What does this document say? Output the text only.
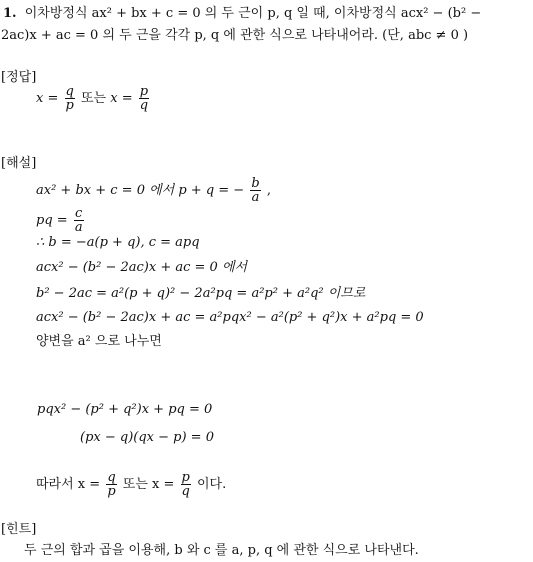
1. 이차방정식 ax² + bx + c = 0 의 두 근이 p, q 일 때, 이차방정식 acx² − (b² −
2ac)x + ac = 0 의 두 근을 각각 p, q 에 관한 식으로 나타내어라. (단, abc ≠ 0 )
[정답]
$x = \frac{q}{p}$ 또는 $x = \frac{p}{q}$
[해설]
ax² + bx + c = 0 에서 p + q = − $\frac{b}{a}$ ,
pq = $\frac{c}{a}$
∴ b = −a(p + q), c = apq
acx² − (b² − 2ac)x + ac = 0 에서
b² − 2ac = a²(p + q)² − 2a²pq = a²p² + a²q² 이므로
acx² − (b² − 2ac)x + ac = a²pqx² − a²(p² + q²)x + a²pq = 0
양변을 a² 으로 나누면
pqx² − (p² + q²)x + pq = 0
(px − q)(qx − p) = 0
따라서 $x = \frac{q}{p}$ 또는 $x = \frac{p}{q}$ 이다.
[힌트]
두 근의 합과 곱을 이용해, b 와 c 를 a, p, q 에 관한 식으로 나타낸다.
